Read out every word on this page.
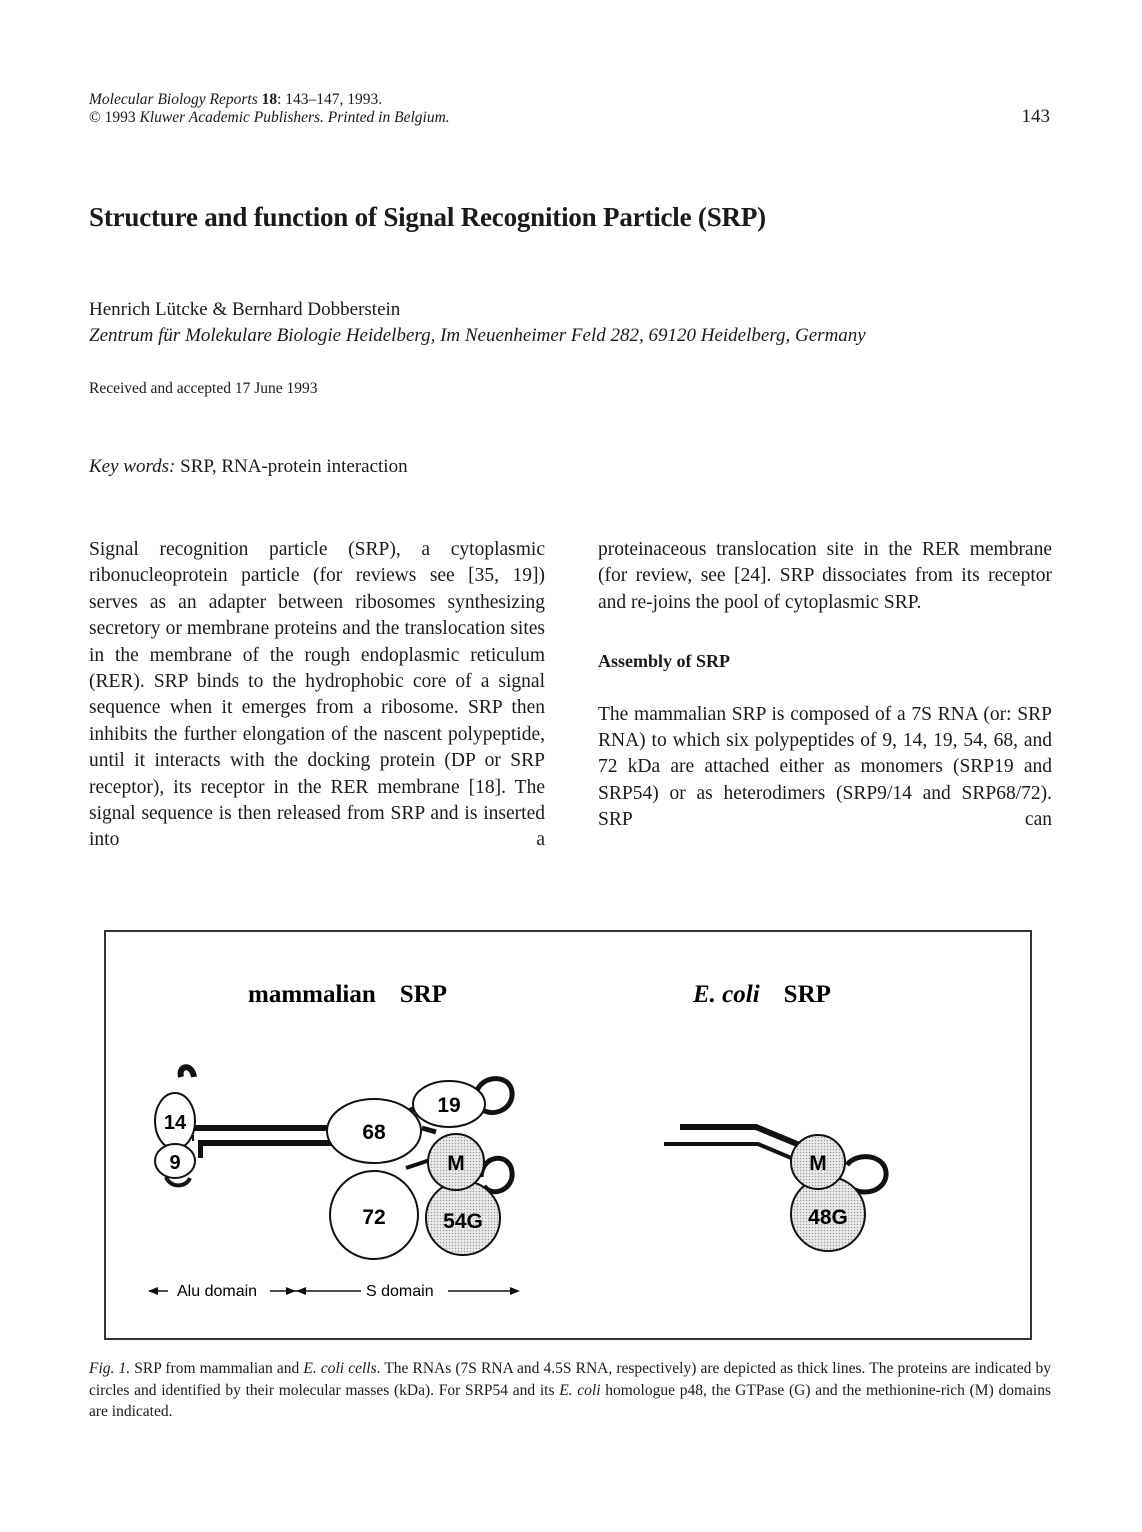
Molecular Biology Reports 18: 143–147, 1993.
© 1993 Kluwer Academic Publishers. Printed in Belgium.	143
Structure and function of Signal Recognition Particle (SRP)
Henrich Lütcke & Bernhard Dobberstein
Zentrum für Molekulare Biologie Heidelberg, Im Neuenheimer Feld 282, 69120 Heidelberg, Germany
Received and accepted 17 June 1993
Key words: SRP, RNA-protein interaction

Signal recognition particle (SRP), a cytoplasmic ribonucleoprotein particle (for reviews see [35, 19]) serves as an adapter between ribosomes synthesizing secretory or membrane proteins and the translocation sites in the membrane of the rough endoplasmic reticulum (RER). SRP binds to the hydrophobic core of a signal sequence when it emerges from a ribosome. SRP then inhibits the further elongation of the nascent polypeptide, until it interacts with the docking protein (DP or SRP receptor), its receptor in the RER membrane [18]. The signal sequence is then released from SRP and is inserted into a

proteinaceous translocation site in the RER membrane (for review, see [24]. SRP dissociates from its receptor and re-joins the pool of cytoplasmic SRP.

Assembly of SRP

The mammalian SRP is composed of a 7S RNA (or: SRP RNA) to which six polypeptides of 9, 14, 19, 54, 68, and 72 kDa are attached either as monomers (SRP19 and SRP54) or as heterodimers (SRP9/14 and SRP68/72). SRP can

mammalian SRP	E. coli SRP
72
68
54G
M
19
14
9
Alu domain	S domain
48G
M
Fig. 1. SRP from mammalian and E. coli cells. The RNAs (7S RNA and 4.5S RNA, respectively) are depicted as thick lines. The proteins are indicated by circles and identified by their molecular masses (kDa). For SRP54 and its E. coli homologue p48, the GTPase (G) and the methionine-rich (M) domains are indicated.
